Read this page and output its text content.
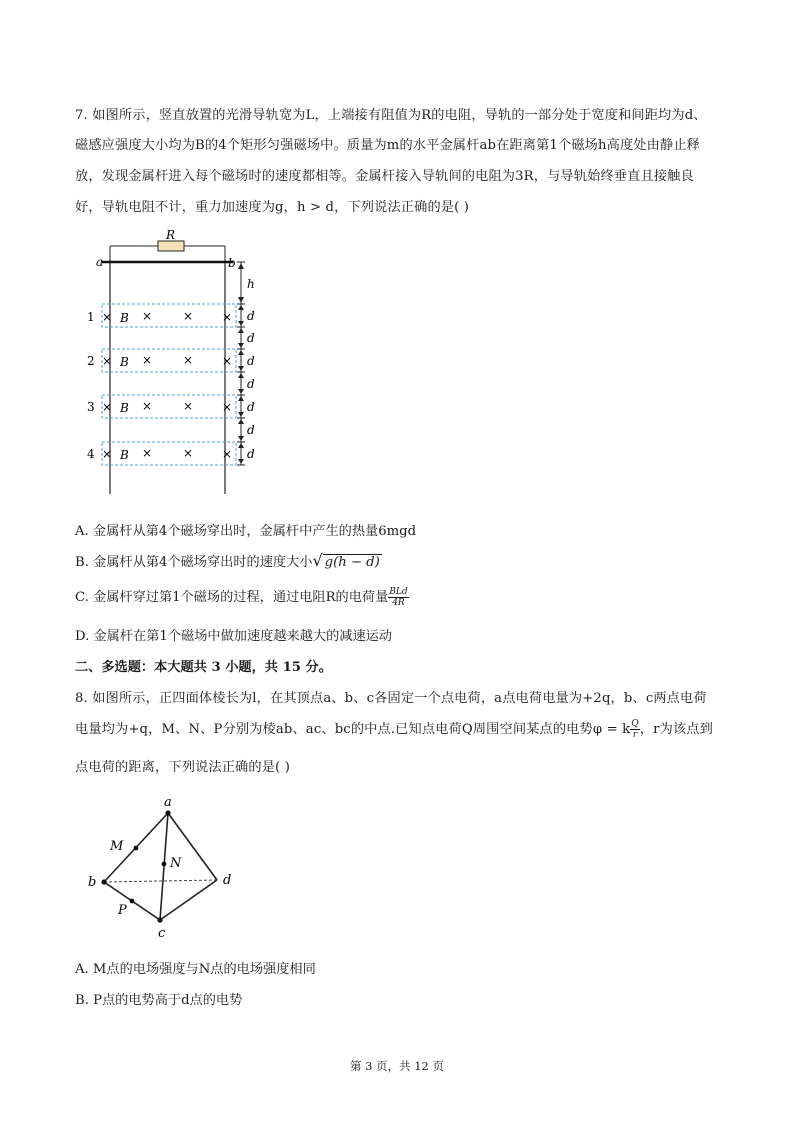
7. 如图所示，竖直放置的光滑导轨宽为L，上端接有阻值为R的电阻，导轨的一部分处于宽度和间距均为d、
磁感应强度大小均为B的4个矩形匀强磁场中。质量为m的水平金属杆ab在距离第1个磁场h高度处由静止释
放，发现金属杆进入每个磁场时的速度都相等。金属杆接入导轨间的电阻为3R，与导轨始终垂直且接触良
好，导轨电阻不计，重力加速度为g，h > d，下列说法正确的是( )
R
a	b
1 × B ×	× ×
2 × B ×	× ×
3 × B ×	× ×
4 × B ×	× ×
h
d
d
d
d
d
d
d
A. 金属杆从第4个磁场穿出时，金属杆中产生的热量6mgd
B. 金属杆从第4个磁场穿出时的速度大小√ g(h − d)
C. 金属杆穿过第1个磁场的过程，通过电阻R的电荷量 $\frac{\text{BLd}}{4R}$
D. 金属杆在第1个磁场中做加速度越来越大的减速运动
二、多选题：本大题共 3 小题，共 15 分。
8. 如图所示，正四面体棱长为l，在其顶点a、b、c各固定一个点电荷，a点电荷电量为+2q，b、c两点电荷
电量均为+q，M、N、P分别为棱ab、ac、bc的中点.已知点电荷Q周围空间某点的电势φ = k $\frac{Q}{r}$ ，r为该点到
点电荷的距离，下列说法正确的是( )
a
b
c
d
M
N
P
A. M点的电场强度与N点的电场强度相同
B. P点的电势高于d点的电势
第 3 页，共 12 页
